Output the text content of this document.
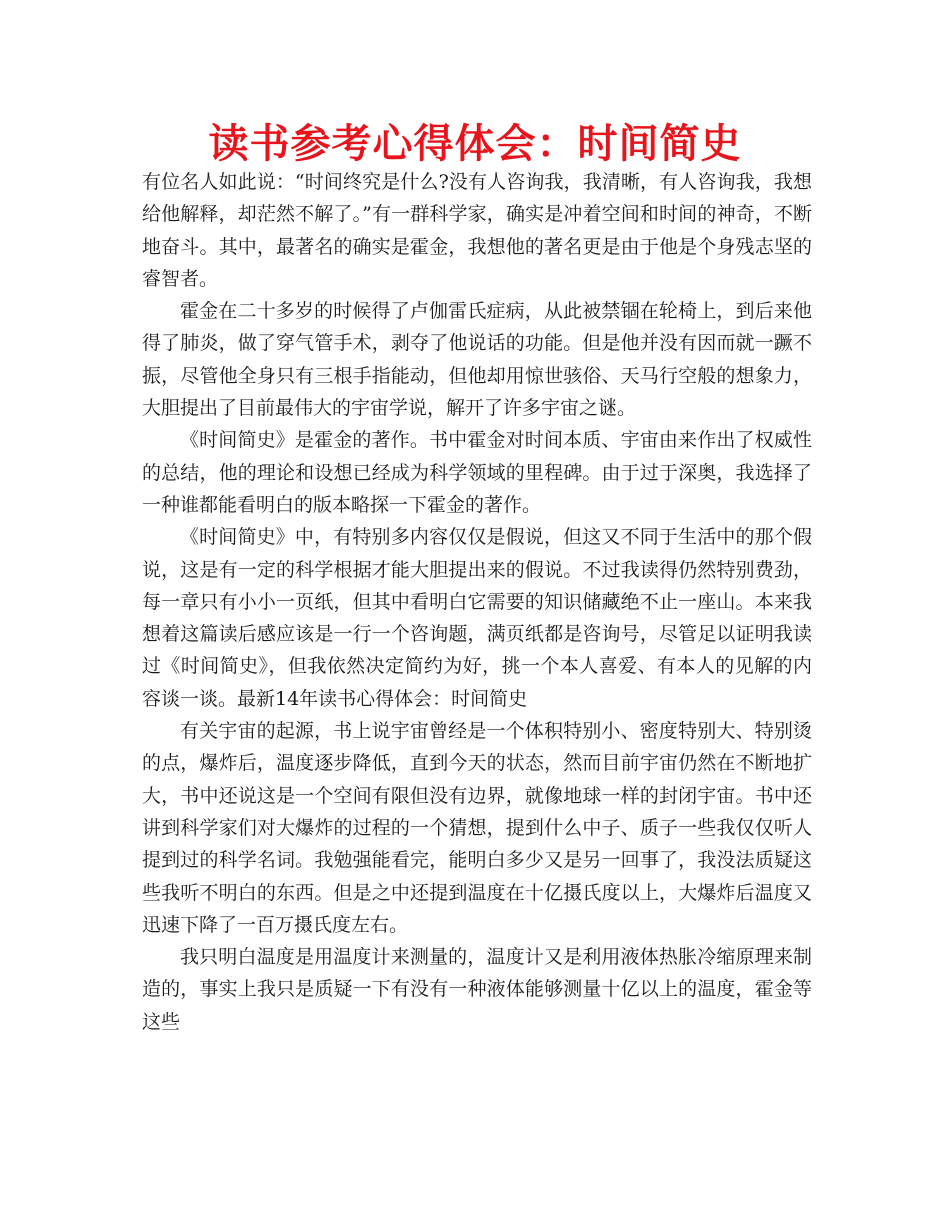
读书参考心得体会：时间简史

有位名人如此说：“时间终究是什么?没有人咨询我，我清晰，有人咨询我，我想给他解释，却茫然不解了。”有一群科学家，确实是冲着空间和时间的神奇，不断地奋斗。其中，最著名的确实是霍金，我想他的著名更是由于他是个身残志坚的睿智者。

霍金在二十多岁的时候得了卢伽雷氏症病，从此被禁锢在轮椅上，到后来他得了肺炎，做了穿气管手术，剥夺了他说话的功能。但是他并没有因而就一蹶不振，尽管他全身只有三根手指能动，但他却用惊世骇俗、天马行空般的想象力，大胆提出了目前最伟大的宇宙学说，解开了许多宇宙之谜。

《时间简史》是霍金的著作。书中霍金对时间本质、宇宙由来作出了权威性的总结，他的理论和设想已经成为科学领域的里程碑。由于过于深奥，我选择了一种谁都能看明白的版本略探一下霍金的著作。

《时间简史》中，有特别多内容仅仅是假说，但这又不同于生活中的那个假说，这是有一定的科学根据才能大胆提出来的假说。不过我读得仍然特别费劲，每一章只有小小一页纸，但其中看明白它需要的知识储藏绝不止一座山。本来我想着这篇读后感应该是一行一个咨询题，满页纸都是咨询号，尽管足以证明我读过《时间简史》，但我依然决定简约为好，挑一个本人喜爱、有本人的见解的内容谈一谈。最新14年读书心得体会：时间简史

有关宇宙的起源，书上说宇宙曾经是一个体积特别小、密度特别大、特别烫的点，爆炸后，温度逐步降低，直到今天的状态，然而目前宇宙仍然在不断地扩大，书中还说这是一个空间有限但没有边界，就像地球一样的封闭宇宙。书中还讲到科学家们对大爆炸的过程的一个猜想，提到什么中子、质子一些我仅仅听人提到过的科学名词。我勉强能看完，能明白多少又是另一回事了，我没法质疑这些我听不明白的东西。但是之中还提到温度在十亿摄氏度以上，大爆炸后温度又迅速下降了一百万摄氏度左右。

我只明白温度是用温度计来测量的，温度计又是利用液体热胀冷缩原理来制造的，事实上我只是质疑一下有没有一种液体能够测量十亿以上的温度，霍金等这些
